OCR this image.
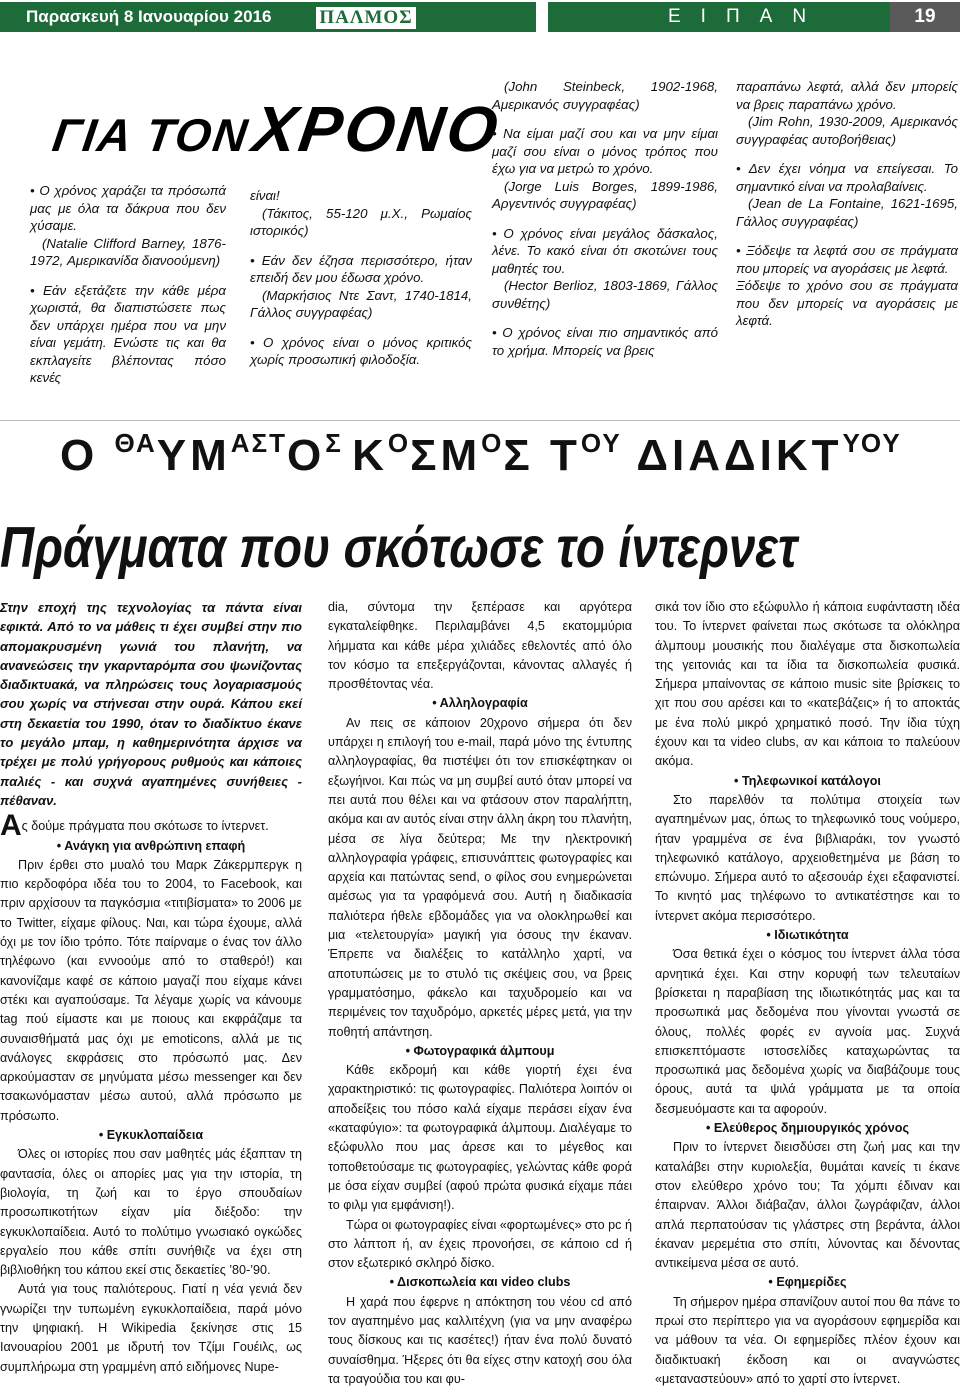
Παρασκευή 8 Ιανουαρίου 2016	ΠΑΛΜΟΣ	ΕΙΠΑΝ	19
ΓΙΑ ΤΟΝ ΧΡΟΝΟ

• Ο χρόνος χαράζει τα πρόσωπά μας με όλα τα δάκρυα που δεν χύσαμε.

(Natalie Clifford Barney, 1876-1972, Αμερικανίδα διανοούμενη)

• Εάν εξετάζετε την κάθε μέρα χωριστά, θα διαπιστώσετε πως δεν υπάρχει ημέρα που να μην είναι γεμάτη. Ενώστε τις και θα εκπλαγείτε βλέποντας πόσο κενές

είναι!

(Τάκιτος, 55-120 μ.Χ., Ρωμαίος ιστορικός)

• Εάν δεν έζησα περισσότερο, ήταν επειδή δεν μου έδωσα χρόνο.

(Μαρκήσιος Ντε Σαντ, 1740-1814, Γάλλος συγγραφέας)

• Ο χρόνος είναι ο μόνος κριτικός χωρίς προσωπική φιλοδοξία.

(John Steinbeck, 1902-1968, Αμερικανός συγγραφέας)

• Να είμαι μαζί σου και να μην είμαι μαζί σου είναι ο μόνος τρόπος που έχω για να μετρώ το χρόνο.

(Jorge Luis Borges, 1899-1986, Αργεντινός συγγραφέας)

• Ο χρόνος είναι μεγάλος δάσκαλος, λένε. Το κακό είναι ότι σκοτώνει τους μαθητές του.

(Hector Berlioz, 1803-1869, Γάλλος συνθέτης)

• Ο χρόνος είναι πιο σημαντικός από το χρήμα. Μπορείς να βρεις

παραπάνω λεφτά, αλλά δεν μπορείς να βρεις παραπάνω χρόνο.

(Jim Rohn, 1930-2009, Αμερικανός συγγραφέας αυτοβοήθειας)

• Δεν έχει νόημα να επείγεσαι. Το σημαντικό είναι να προλαβαίνεις.

(Jean de La Fontaine, 1621-1695, Γάλλος συγγραφέας)

• Ξόδεψε τα λεφτά σου σε πράγματα που μπορείς να αγοράσεις με λεφτά.

Ξόδεψε το χρόνο σου σε πράγματα που δεν μπορείς να αγοράσεις με λεφτά.

Ο $^{\Theta A}\Upsilon M^{A\Sigma T}O^\Sigma$ $K^O\Sigma M^O\Sigma$ $T^{O\Upsilon}$ $\Delta IA\Delta IKT^{\Upsilon O\Upsilon}$
Πράγματα που σκότωσε το ίντερνετ

Στην εποχή της τεχνολογίας τα πάντα είναι εφικτά. Από το να μάθεις τι έχει συμβεί στην πιο απομακρυσμένη γωνιά του πλανήτη, να ανανεώσεις την γκαρνταρόμπα σου ψωνίζοντας διαδικτυακά, να πληρώσεις τους λογαριασμούς σου χωρίς να στήνεσαι στην ουρά. Κάπου εκεί στη δεκαετία του 1990, όταν το διαδίκτυο έκανε το μεγάλο μπαμ, η καθημερινότητα άρχισε να τρέχει με πολύ γρήγορους ρυθμούς και κάποιες παλιές - και συχνά αγαπημένες συνήθειες - πέθαναν.

Ας δούμε πράγματα που σκότωσε το ίντερνετ.

• Ανάγκη για ανθρώπινη επαφή

Πριν έρθει στο μυαλό του Μαρκ Ζάκερμπεργκ η πιο κερδοφόρα ιδέα του το 2004, το Facebook, και πριν αρχίσουν τα παγκόσμια «τιτιβίσματα» το 2006 με το Twitter, είχαμε φίλους. Ναι, και τώρα έχουμε, αλλά όχι με τον ίδιο τρόπο. Τότε παίρναμε ο ένας τον άλλο τηλέφωνο (και εννοούμε από το σταθερό!) και κανονίζαμε καφέ σε κάποιο μαγαζί που είχαμε κάνει στέκι και αγαπούσαμε. Τα λέγαμε χωρίς να κάνουμε tag πού είμαστε και με ποιους και εκφράζαμε τα συναισθήματά μας όχι με emoticons, αλλά με τις ανάλογες εκφράσεις στο πρόσωπό μας. Δεν αρκούμασταν σε μηνύματα μέσω messenger και δεν τσακωνόμασταν μέσω αυτού, αλλά πρόσωπο με πρόσωπο.

• Εγκυκλοπαίδεια

Όλες οι ιστορίες που σαν μαθητές μάς έξαπταν τη φαντασία, όλες οι απορίες μας για την ιστορία, τη βιολογία, τη ζωή και το έργο σπουδαίων προσωπικοτήτων είχαν μία διέξοδο: την εγκυκλοπαίδεια. Αυτό το πολύτιμο γνωσιακό ογκώδες εργαλείο που κάθε σπίτι συνήθιζε να έχει στη βιβλιοθήκη του κάπου εκεί στις δεκαετίες ’80-’90.

Αυτά για τους παλιότερους. Γιατί η νέα γενιά δεν γνωρίζει την τυπωμένη εγκυκλοπαίδεια, παρά μόνο την ψηφιακή. Η Wikipedia ξεκίνησε στις 15 Ιανουαρίου 2001 με ιδρυτή τον Τζίμι Γουέιλς, ως συμπλήρωμα στη γραμμένη από ειδήμονες Nupe-

dia, σύντομα την ξεπέρασε και αργότερα εγκαταλείφθηκε. Περιλαμβάνει 4,5 εκατομμύρια λήμματα και κάθε μέρα χιλιάδες εθελοντές από όλο τον κόσμο τα επεξεργάζονται, κάνοντας αλλαγές ή προσθέτοντας νέα.

• Αλληλογραφία

Αν πεις σε κάποιον 20χρονο σήμερα ότι δεν υπάρχει η επιλογή του e-mail, παρά μόνο της έντυπης αλληλογραφίας, θα πιστέψει ότι τον επισκέφτηκαν οι εξωγήινοι. Και πώς να μη συμβεί αυτό όταν μπορεί να πει αυτά που θέλει και να φτάσουν στον παραλήπτη, ακόμα και αν αυτός είναι στην άλλη άκρη του πλανήτη, μέσα σε λίγα δεύτερα; Με την ηλεκτρονική αλληλογραφία γράφεις, επισυνάπτεις φωτογραφίες και αρχεία και πατώντας send, ο φίλος σου ενημερώνεται αμέσως για τα γραφόμενά σου. Αυτή η διαδικασία παλιότερα ήθελε εβδομάδες για να ολοκληρωθεί και μια «τελετουργία» μαγική για όσους την έκαναν. Έπρεπε να διαλέξεις το κατάλληλο χαρτί, να αποτυπώσεις με το στυλό τις σκέψεις σου, να βρεις γραμματόσημο, φάκελο και ταχυδρομείο και να περιμένεις τον ταχυδρόμο, αρκετές μέρες μετά, για την ποθητή απάντηση.

• Φωτογραφικά άλμπουμ

Κάθε εκδρομή και κάθε γιορτή έχει ένα χαρακτηριστικό: τις φωτογραφίες. Παλιότερα λοιπόν οι αποδείξεις του πόσο καλά είχαμε περάσει είχαν ένα «καταφύγιο»: τα φωτογραφικά άλμπουμ. Διαλέγαμε το εξώφυλλο που μας άρεσε και το μέγεθος και τοποθετούσαμε τις φωτογραφίες, γελώντας κάθε φορά με όσα είχαν συμβεί (αφού πρώτα φυσικά είχαμε πάει το φιλμ για εμφάνιση!).

Τώρα οι φωτογραφίες είναι «φορτωμένες» στο pc ή στο λάπτοπ ή, αν έχεις προνοήσει, σε κάποιο cd ή στον εξωτερικό σκληρό δίσκο.

• Δισκοπωλεία και video clubs

Η χαρά που έφερνε η απόκτηση του νέου cd από τον αγαπημένο μας καλλιτέχνη (για να μην αναφέρω τους δίσκους και τις κασέτες!) ήταν ένα πολύ δυνατό συναίσθημα. Ήξερες ότι θα είχες στην κατοχή σου όλα τα τραγούδια του και φυ-

σικά τον ίδιο στο εξώφυλλο ή κάποια ευφάνταστη ιδέα του. Το ίντερνετ φαίνεται πως σκότωσε τα ολόκληρα άλμπουμ μουσικής που διαλέγαμε στα δισκοπωλεία της γειτονιάς και τα ίδια τα δισκοπωλεία φυσικά. Σήμερα μπαίνοντας σε κάποιο music site βρίσκεις το χιτ που σου αρέσει και το «κατεβάζεις» ή το αποκτάς με ένα πολύ μικρό χρηματικό ποσό. Την ίδια τύχη έχουν και τα video clubs, αν και κάποια το παλεύουν ακόμα.

• Τηλεφωνικοί κατάλογοι

Στο παρελθόν τα πολύτιμα στοιχεία των αγαπημένων μας, όπως το τηλεφωνικό τους νούμερο, ήταν γραμμένα σε ένα βιβλιαράκι, τον γνωστό τηλεφωνικό κατάλογο, αρχειοθετημένα με βάση το επώνυμο. Σήμερα αυτό το αξεσουάρ έχει εξαφανιστεί. Το κινητό μας τηλέφωνο το αντικατέστησε και το ίντερνετ ακόμα περισσότερο.

• Ιδιωτικότητα

Όσα θετικά έχει ο κόσμος του ίντερνετ άλλα τόσα αρνητικά έχει. Και στην κορυφή των τελευταίων βρίσκεται η παραβίαση της ιδιωτικότητάς μας και τα προσωπικά μας δεδομένα που γίνονται γνωστά σε όλους, πολλές φορές εν αγνοία μας. Συχνά επισκεπτόμαστε ιστοσελίδες καταχωρώντας τα προσωπικά μας δεδομένα χωρίς να διαβάζουμε τους όρους, αυτά τα ψιλά γράμματα με τα οποία δεσμευόμαστε και τα αφορούν.

• Ελεύθερος δημιουργικός χρόνος

Πριν το ίντερνετ διεισδύσει στη ζωή μας και την καταλάβει στην κυριολεξία, θυμάται κανείς τι έκανε στον ελεύθερο χρόνο του; Τα χόμπι έδιναν και έπαιρναν. Άλλοι διάβαζαν, άλλοι ζωγράφιζαν, άλλοι απλά περπατούσαν τις γλάστρες στη βεράντα, άλλοι έκαναν μερεμέτια στο σπίτι, λύνοντας και δένοντας αντικείμενα μέσα σε αυτό.

• Εφημερίδες

Τη σήμερον ημέρα σπανίζουν αυτοί που θα πάνε το πρωί στο περίπτερο για να αγοράσουν εφημερίδα και να μάθουν τα νέα. Οι εφημερίδες πλέον έχουν και διαδικτυακή έκδοση και οι αναγνώστες «μεταναστεύουν» από το χαρτί στο ίντερνετ.
